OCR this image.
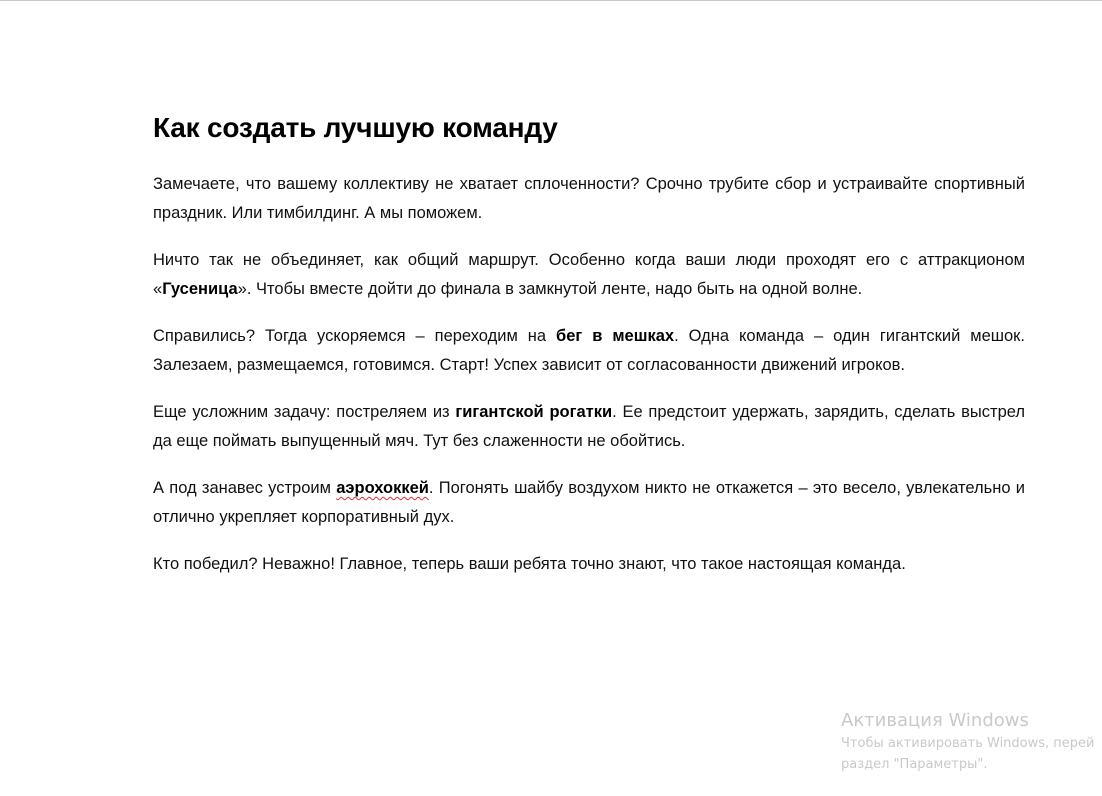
Как создать лучшую команду

Замечаете, что вашему коллективу не хватает сплоченности? Срочно трубите сбор и устраивайте спортивный праздник. Или тимбилдинг. А мы поможем.

Ничто так не объединяет, как общий маршрут. Особенно когда ваши люди проходят его с аттракционом «Гусеница». Чтобы вместе дойти до финала в замкнутой ленте, надо быть на одной волне.

Справились? Тогда ускоряемся – переходим на бег в мешках. Одна команда – один гигантский мешок. Залезаем, размещаемся, готовимся. Старт! Успех зависит от согласованности движений игроков.

Еще усложним задачу: постреляем из гигантской рогатки. Ее предстоит удержать, зарядить, сделать выстрел да еще поймать выпущенный мяч. Тут без слаженности не обойтись.

А под занавес устроим аэрохоккей. Погонять шайбу воздухом никто не откажется – это весело, увлекательно и отлично укрепляет корпоративный дух.

Кто победил? Неважно! Главное, теперь ваши ребята точно знают, что такое настоящая команда.

Активация Windows
Чтобы активировать Windows, перей
раздел "Параметры".
